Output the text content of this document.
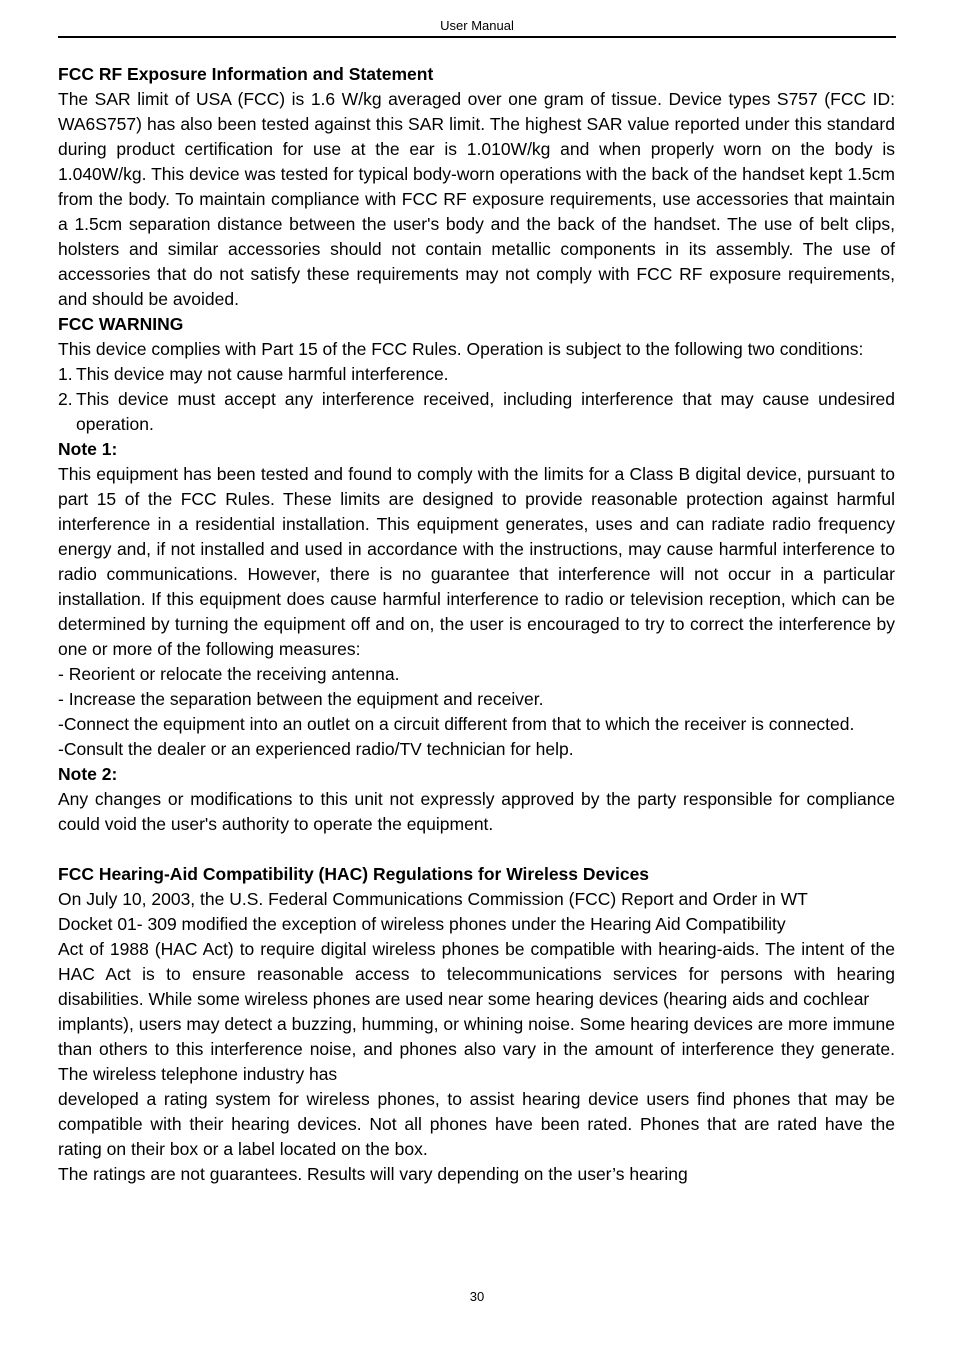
User Manual

FCC RF Exposure Information and Statement

The SAR limit of USA (FCC) is 1.6 W/kg averaged over one gram of tissue. Device types S757 (FCC ID: WA6S757) has also been tested against this SAR limit. The highest SAR value reported under this standard during product certification for use at the ear is 1.010W/kg and when properly worn on the body is 1.040W/kg. This device was tested for typical body-worn operations with the back of the handset kept 1.5cm from the body. To maintain compliance with FCC RF exposure requirements, use accessories that maintain a 1.5cm separation distance between the user's body and the back of the handset. The use of belt clips, holsters and similar accessories should not contain metallic components in its assembly. The use of accessories that do not satisfy these requirements may not comply with FCC RF exposure requirements, and should be avoided.

FCC WARNING

This device complies with Part 15 of the FCC Rules. Operation is subject to the following two conditions:

1. This device may not cause harmful interference.
2. This device must accept any interference received, including interference that may cause undesired operation.

Note 1:

This equipment has been tested and found to comply with the limits for a Class B digital device, pursuant to part 15 of the FCC Rules. These limits are designed to provide reasonable protection against harmful interference in a residential installation. This equipment generates, uses and can radiate radio frequency energy and, if not installed and used in accordance with the instructions, may cause harmful interference to radio communications. However, there is no guarantee that interference will not occur in a particular installation. If this equipment does cause harmful interference to radio or television reception, which can be determined by turning the equipment off and on, the user is encouraged to try to correct the interference by one or more of the following measures:

- Reorient or relocate the receiving antenna.

- Increase the separation between the equipment and receiver.

-Connect the equipment into an outlet on a circuit different from that to which the receiver is connected.

-Consult the dealer or an experienced radio/TV technician for help.

Note 2:

Any changes or modifications to this unit not expressly approved by the party responsible for compliance could void the user's authority to operate the equipment.

FCC Hearing-Aid Compatibility (HAC) Regulations for Wireless Devices

On July 10, 2003, the U.S. Federal Communications Commission (FCC) Report and Order in WT

Docket 01- 309 modified the exception of wireless phones under the Hearing Aid Compatibility

Act of 1988 (HAC Act) to require digital wireless phones be compatible with hearing-aids. The intent of the HAC Act is to ensure reasonable access to telecommunications services for persons with hearing disabilities. While some wireless phones are used near some hearing devices (hearing aids and cochlear

implants), users may detect a buzzing, humming, or whining noise. Some hearing devices are more immune than others to this interference noise, and phones also vary in the amount of interference they generate. The wireless telephone industry has

developed a rating system for wireless phones, to assist hearing device users find phones that may be compatible with their hearing devices. Not all phones have been rated. Phones that are rated have the rating on their box or a label located on the box.

The ratings are not guarantees. Results will vary depending on the user’s hearing

30
